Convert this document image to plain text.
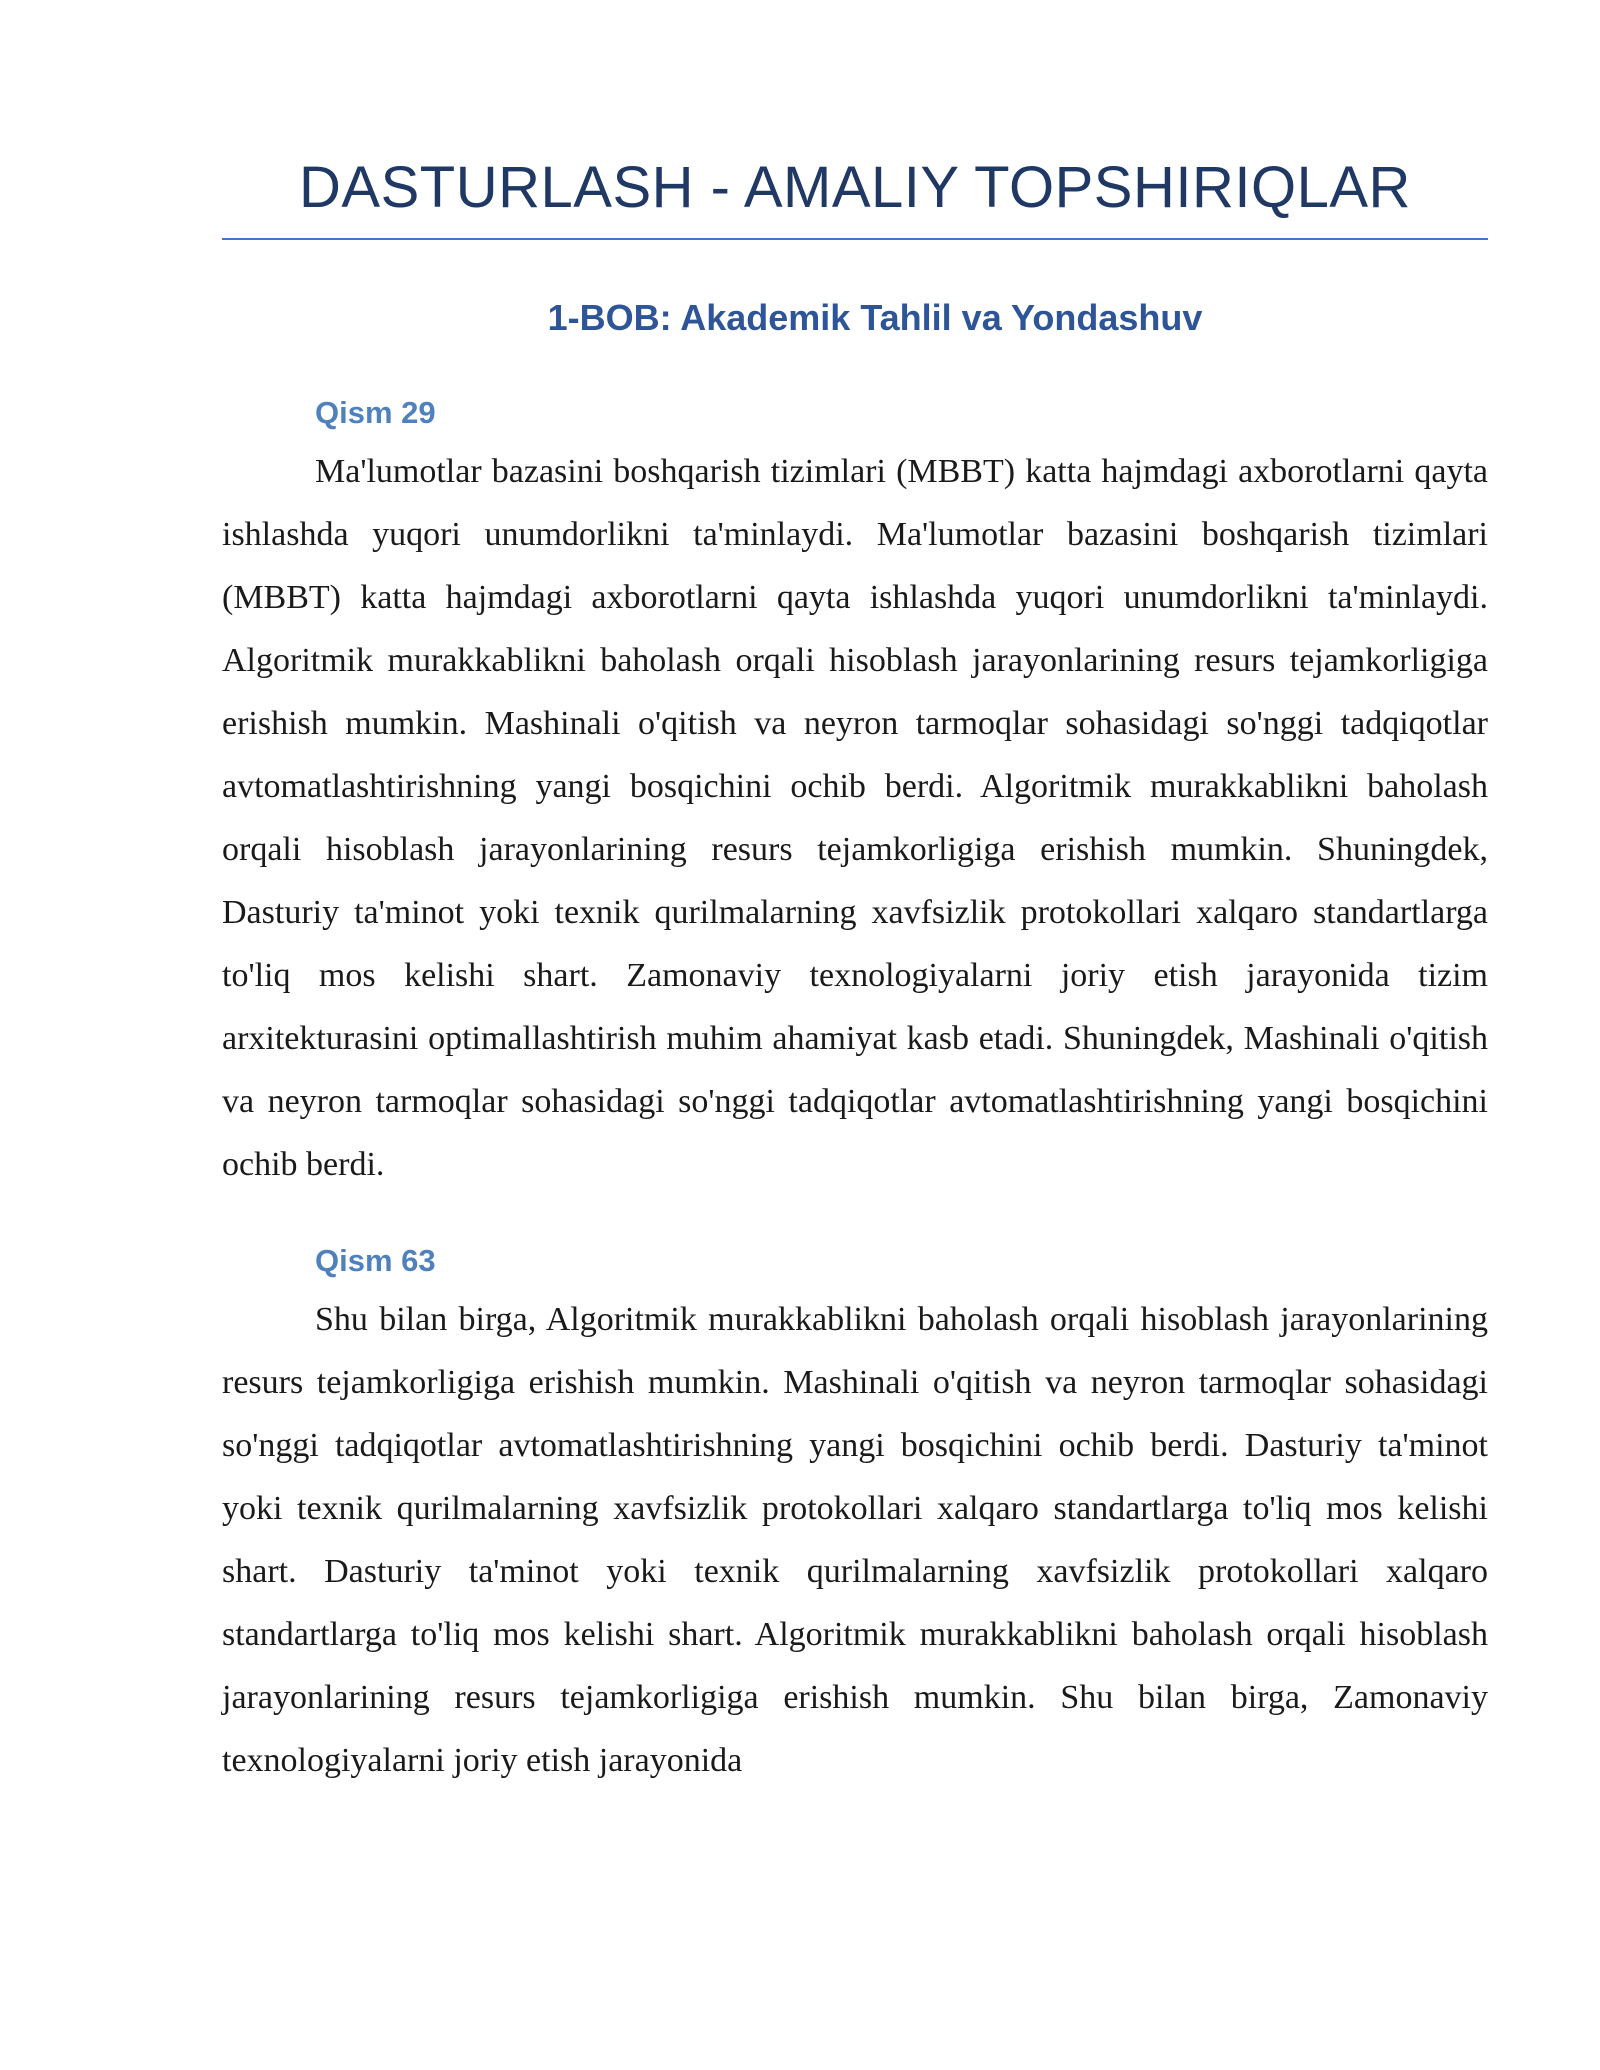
DASTURLASH - AMALIY TOPSHIRIQLAR
1-BOB: Akademik Tahlil va Yondashuv
Qism 29

Ma'lumotlar bazasini boshqarish tizimlari (MBBT) katta hajmdagi axborotlarni qayta ishlashda yuqori unumdorlikni ta'minlaydi. Ma'lumotlar bazasini boshqarish tizimlari (MBBT) katta hajmdagi axborotlarni qayta ishlashda yuqori unumdorlikni ta'minlaydi. Algoritmik murakkablikni baholash orqali hisoblash jarayonlarining resurs tejamkorligiga erishish mumkin. Mashinali o'qitish va neyron tarmoqlar sohasidagi so'nggi tadqiqotlar avtomatlashtirishning yangi bosqichini ochib berdi. Algoritmik murakkablikni baholash orqali hisoblash jarayonlarining resurs tejamkorligiga erishish mumkin. Shuningdek, Dasturiy ta'minot yoki texnik qurilmalarning xavfsizlik protokollari xalqaro standartlarga to'liq mos kelishi shart. Zamonaviy texnologiyalarni joriy etish jarayonida tizim arxitekturasini optimallashtirish muhim ahamiyat kasb etadi. Shuningdek, Mashinali o'qitish va neyron tarmoqlar sohasidagi so'nggi tadqiqotlar avtomatlashtirishning yangi bosqichini ochib berdi.

Qism 63

Shu bilan birga, Algoritmik murakkablikni baholash orqali hisoblash jarayonlarining resurs tejamkorligiga erishish mumkin. Mashinali o'qitish va neyron tarmoqlar sohasidagi so'nggi tadqiqotlar avtomatlashtirishning yangi bosqichini ochib berdi. Dasturiy ta'minot yoki texnik qurilmalarning xavfsizlik protokollari xalqaro standartlarga to'liq mos kelishi shart. Dasturiy ta'minot yoki texnik qurilmalarning xavfsizlik protokollari xalqaro standartlarga to'liq mos kelishi shart. Algoritmik murakkablikni baholash orqali hisoblash jarayonlarining resurs tejamkorligiga erishish mumkin. Shu bilan birga, Zamonaviy texnologiyalarni joriy etish jarayonida
